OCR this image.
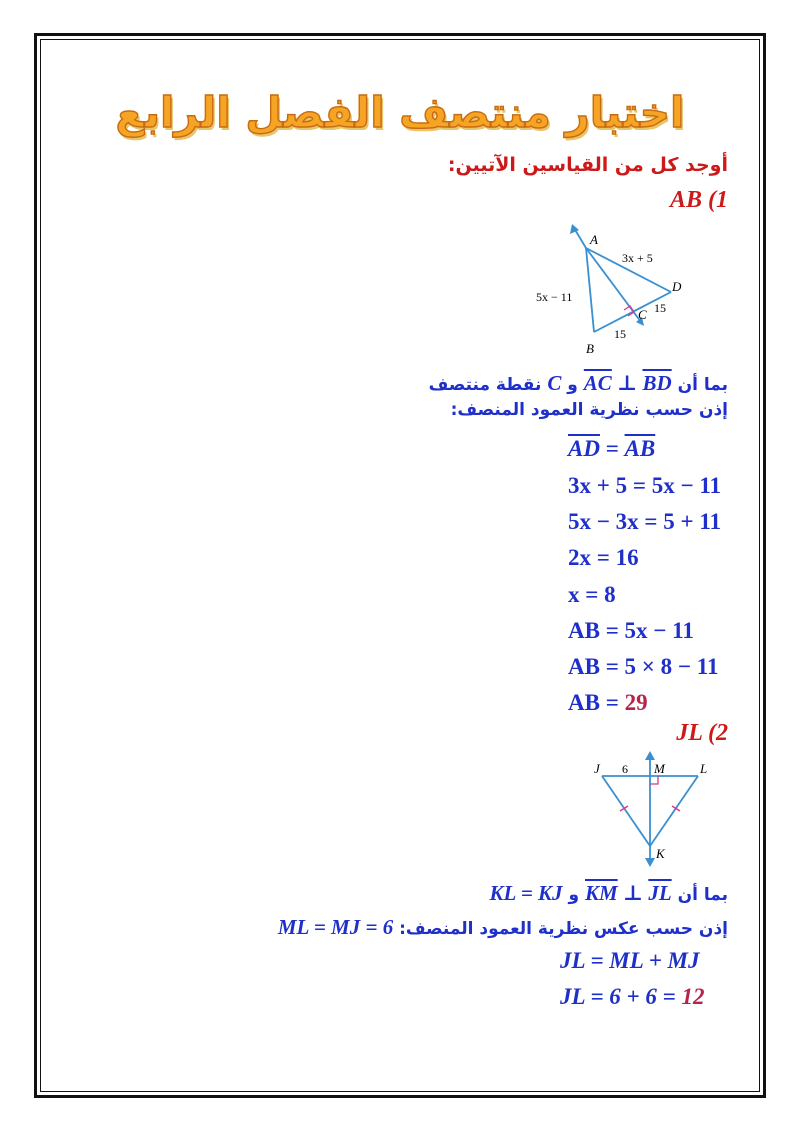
اختبار منتصف الفصل الرابع
أوجد كل من القياسين الآتيين:
AB (1
A
B
C
D
3x + 5
5x − 11
15
15
بما أن $\overline{AC}$ ⊥ $\overline{BD}$ و C نقطة منتصف
إذن حسب نظرية العمود المنصف:
$\overline{AD} = \overline{AB}$
3x + 5 = 5x − 11
5x − 3x = 5 + 11
2x = 16
x = 8
AB = 5x − 11
AB = 5 × 8 − 11
AB = 29
JL (2
J 6 M	L
K
بما أن $\overline{KM}$ ⊥ $\overline{JL}$ و KL = KJ
إذن حسب عكس نظرية العمود المنصف: ML = MJ = 6
JL = ML + MJ
JL = 6 + 6 = 12
